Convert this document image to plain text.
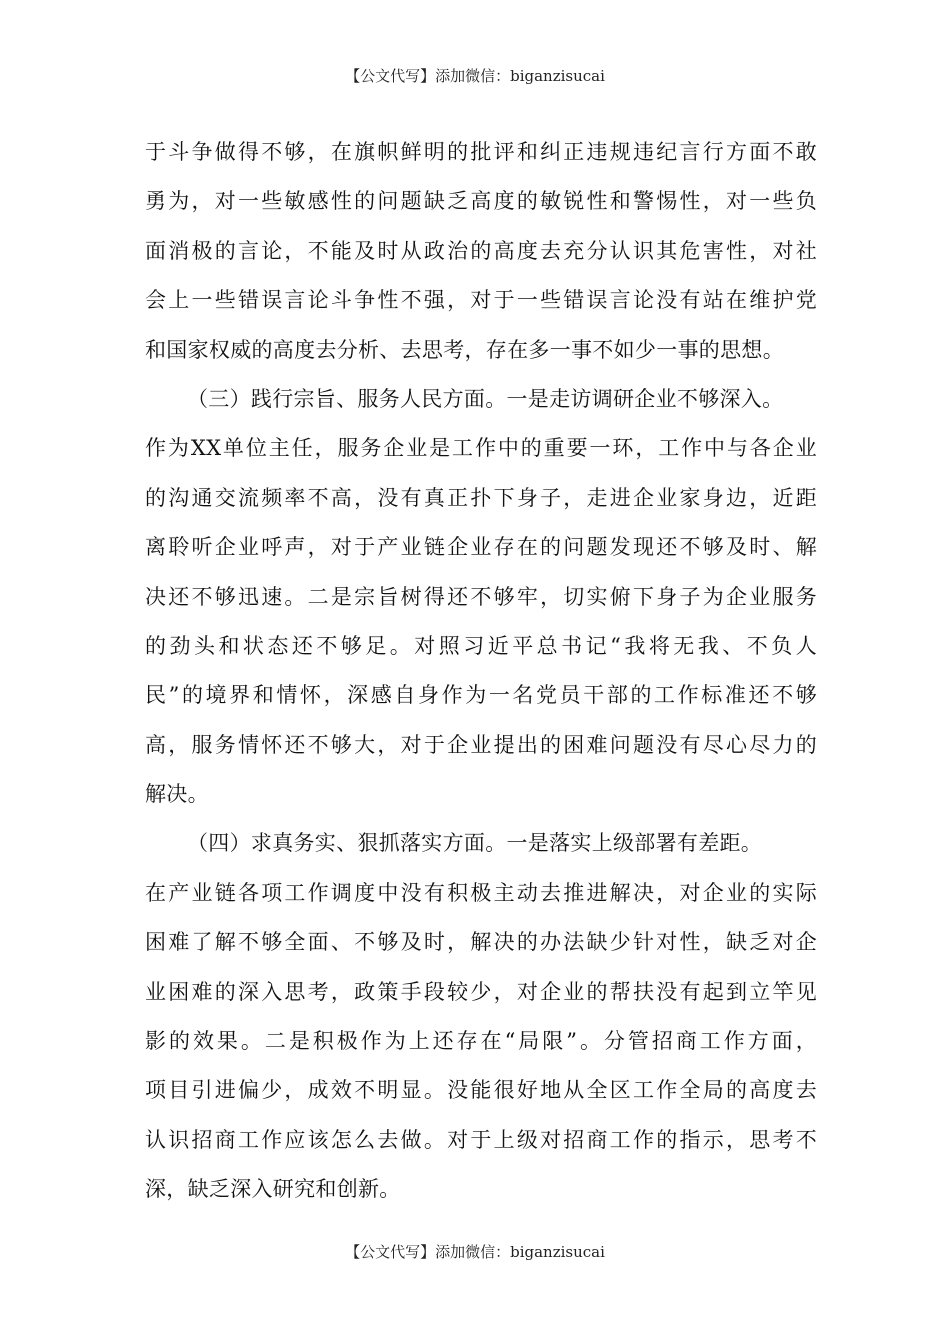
【公文代写】添加微信：biganzisucai
于斗争做得不够，在旗帜鲜明的批评和纠正违规违纪言行方面不敢
勇为，对一些敏感性的问题缺乏高度的敏锐性和警惕性，对一些负
面消极的言论，不能及时从政治的高度去充分认识其危害性，对社
会上一些错误言论斗争性不强，对于一些错误言论没有站在维护党
和国家权威的高度去分析、去思考，存在多一事不如少一事的思想。
（三）践行宗旨、服务人民方面。一是走访调研企业不够深入。
作为XX单位主任，服务企业是工作中的重要一环，工作中与各企业
的沟通交流频率不高，没有真正扑下身子，走进企业家身边，近距
离聆听企业呼声，对于产业链企业存在的问题发现还不够及时、解
决还不够迅速。二是宗旨树得还不够牢，切实俯下身子为企业服务
的劲头和状态还不够足。对照习近平总书记“我将无我、不负人
民”的境界和情怀，深感自身作为一名党员干部的工作标准还不够
高，服务情怀还不够大，对于企业提出的困难问题没有尽心尽力的
解决。
（四）求真务实、狠抓落实方面。一是落实上级部署有差距。
在产业链各项工作调度中没有积极主动去推进解决，对企业的实际
困难了解不够全面、不够及时，解决的办法缺少针对性，缺乏对企
业困难的深入思考，政策手段较少，对企业的帮扶没有起到立竿见
影的效果。二是积极作为上还存在“局限”。分管招商工作方面，
项目引进偏少，成效不明显。没能很好地从全区工作全局的高度去
认识招商工作应该怎么去做。对于上级对招商工作的指示，思考不
深，缺乏深入研究和创新。
【公文代写】添加微信：biganzisucai
